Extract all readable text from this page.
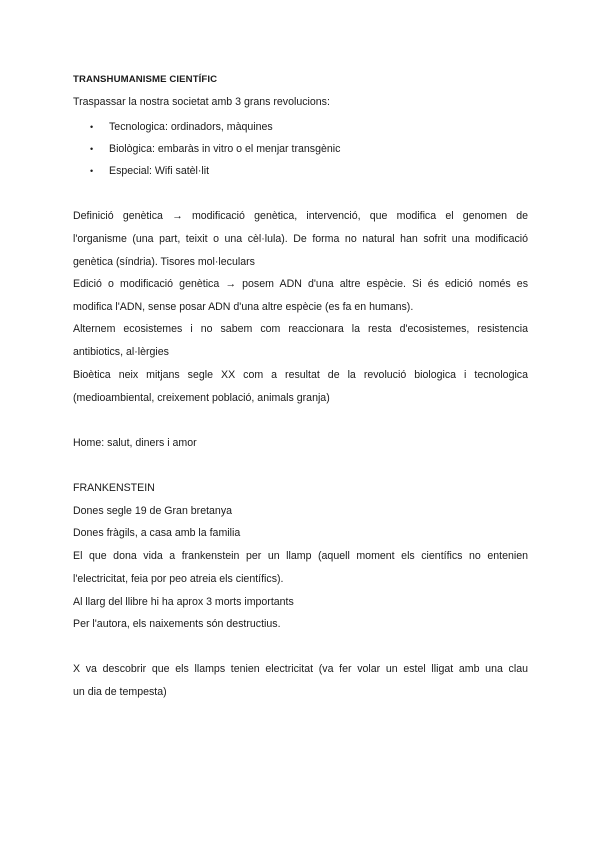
TRANSHUMANISME CIENTÍFIC
Traspassar la nostra societat amb 3 grans revolucions:
• Tecnologica: ordinadors, màquines
• Biològica: embaràs in vitro o el menjar transgènic
• Especial: Wifi satèl·lit
Definició genètica → modificació genètica, intervenció, que modifica el genomen de
l'organisme (una part, teixit o una cèl·lula). De forma no natural han sofrit una modificació
genètica (síndria). Tisores mol·leculars
Edició o modificació genètica → posem ADN d'una altre espècie. Si és edició només es
modifica l'ADN, sense posar ADN d'una altre espècie (es fa en humans).
Alternem ecosistemes i no sabem com reaccionara la resta d'ecosistemes, resistencia
antibiotics, al·lèrgies
Bioètica neix mitjans segle XX com a resultat de la revolució biologica i tecnologica
(medioambiental, creixement població, animals granja)
Home: salut, diners i amor
FRANKENSTEIN
Dones segle 19 de Gran bretanya
Dones fràgils, a casa amb la familia
El que dona vida a frankenstein per un llamp (aquell moment els científics no entenien
l'electricitat, feia por peo atreia els científics).
Al llarg del llibre hi ha aprox 3 morts importants
Per l'autora, els naixements són destructius.
X va descobrir que els llamps tenien electricitat (va fer volar un estel lligat amb una clau
un dia de tempesta)
